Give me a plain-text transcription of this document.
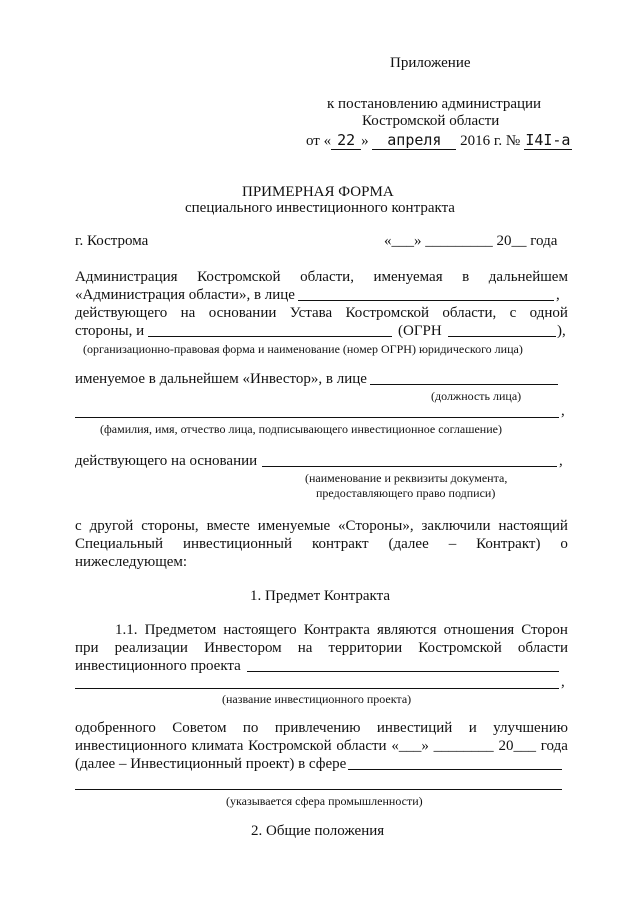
Приложение
к постановлению администрации
Костромской области
от « 22 » апреля 2016 г. № I4I-а
ПРИМЕРНАЯ ФОРМА
специального инвестиционного контракта
г. Кострома	«___» _________ 20__ года
Администрация Костромской области, именуемая в дальнейшем
«Администрация области», в лице	,
действующего на основании Устава Костромской области, с одной
стороны, и	(ОГРН	),
(организационно-правовая форма и наименование (номер ОГРН) юридического лица)
именуемое в дальнейшем «Инвестор», в лице
(должность лица)
,
(фамилия, имя, отчество лица, подписывающего инвестиционное соглашение)
действующего на основании	,
(наименование и реквизиты документа,
предоставляющего право подписи)
с другой стороны, вместе именуемые «Стороны», заключили настоящий
Специальный инвестиционный контракт (далее – Контракт) о
нижеследующем:
1. Предмет Контракта
1.1. Предметом настоящего Контракта являются отношения Сторон
при реализации Инвестором на территории Костромской области
инвестиционного проекта
,
(название инвестиционного проекта)
одобренного Советом по привлечению инвестиций и улучшению
инвестиционного климата Костромской области «___» ________ 20___ года
(далее – Инвестиционный проект) в сфере
(указывается сфера промышленности)
2. Общие положения
